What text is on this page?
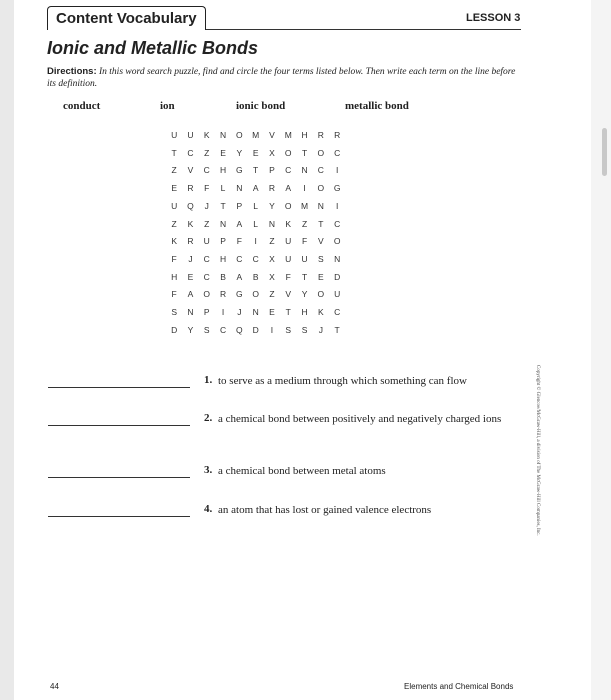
Content Vocabulary	LESSON 3
Ionic and Metallic Bonds
Directions: In this word search puzzle, find and circle the four terms listed below. Then write each term on the line before its definition.
conduct	ion	ionic bond	metallic bond
U	U	K	N	O	M	V	M	H	R	R
T	C	Z	E	Y	E	X	O	T	O	C
Z	V	C	H	G	T	P	C	N	C	I
E	R	F	L	N	A	R	A	I	O	G
U	Q	J	T	P	L	Y	O	M	N	I
Z	K	Z	N	A	L	N	K	Z	T	C
K	R	U	P	F	I	Z	U	F	V	O
F	J	C	H	C	C	X	U	U	S	N
H	E	C	B	A	B	X	F	T	E	D
F	A	O	R	G	O	Z	V	Y	O	U
S	N	P	I	J	N	E	T	H	K	C
D	Y	S	C	Q	D	I	S	S	J	T
1. to serve as a medium through which something can flow
2. a chemical bond between positively and negatively charged ions
3. a chemical bond between metal atoms
4. an atom that has lost or gained valence electrons	Copyright © Glencoe/McGraw-Hill, a division of The McGraw-Hill Companies, Inc.
44	Elements and Chemical Bonds
